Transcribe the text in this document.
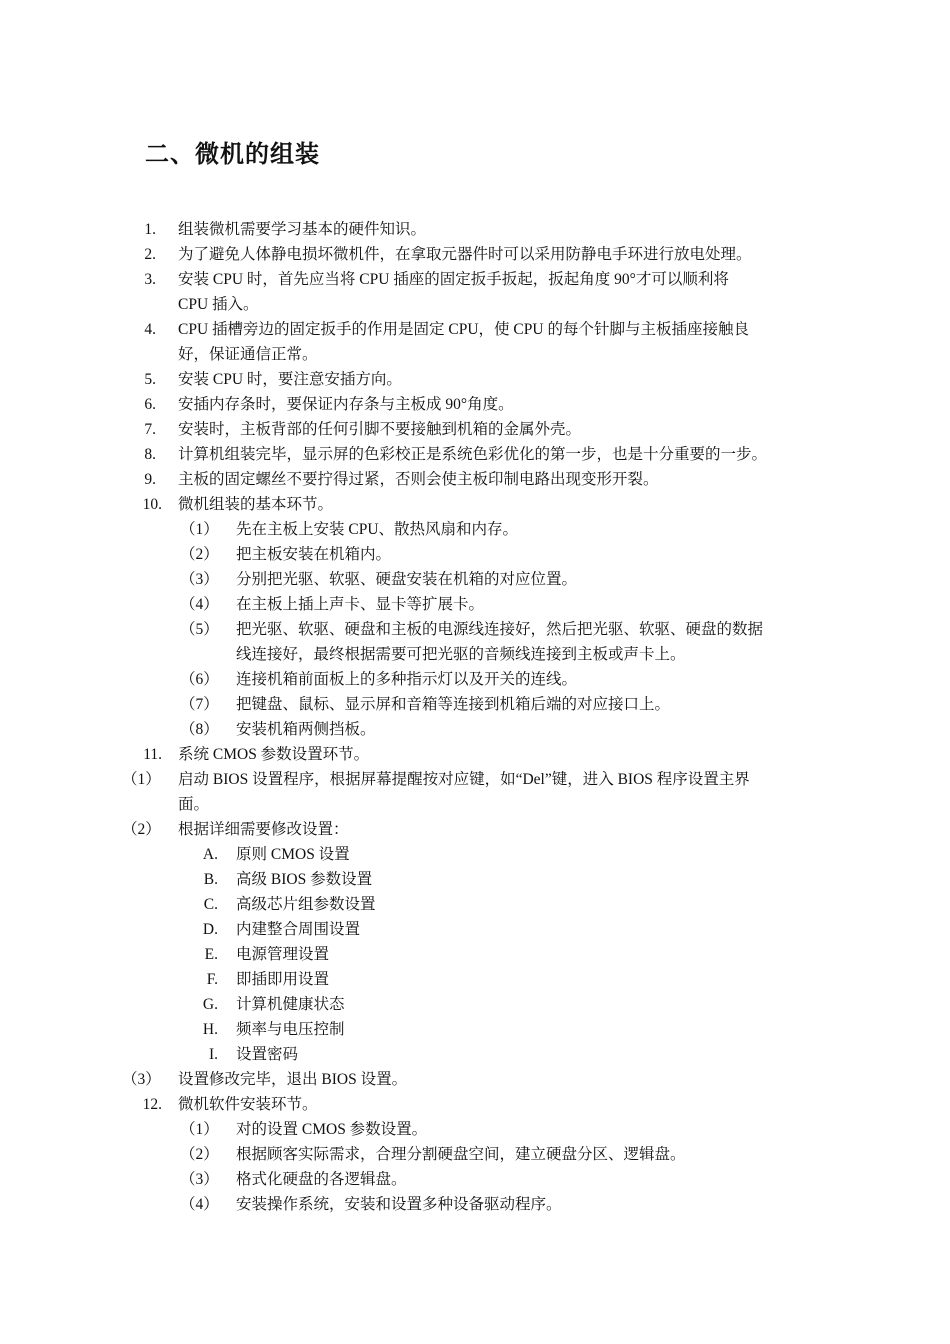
二、微机的组装
1. 组装微机需要学习基本的硬件知识。
2. 为了避免人体静电损坏微机件，在拿取元器件时可以采用防静电手环进行放电处理。
3. 安装 CPU 时，首先应当将 CPU 插座的固定扳手扳起，扳起角度 90°才可以顺利将
CPU 插入。
4. CPU 插槽旁边的固定扳手的作用是固定 CPU，使 CPU 的每个针脚与主板插座接触良
好，保证通信正常。
5. 安装 CPU 时，要注意安插方向。
6. 安插内存条时，要保证内存条与主板成 90°角度。
7. 安装时，主板背部的任何引脚不要接触到机箱的金属外壳。
8. 计算机组装完毕，显示屏的色彩校正是系统色彩优化的第一步，也是十分重要的一步。
9. 主板的固定螺丝不要拧得过紧，否则会使主板印制电路出现变形开裂。
10. 微机组装的基本环节。
（1） 先在主板上安装 CPU、散热风扇和内存。
（2） 把主板安装在机箱内。
（3） 分别把光驱、软驱、硬盘安装在机箱的对应位置。
（4） 在主板上插上声卡、显卡等扩展卡。
（5） 把光驱、软驱、硬盘和主板的电源线连接好，然后把光驱、软驱、硬盘的数据
线连接好，最终根据需要可把光驱的音频线连接到主板或声卡上。
（6） 连接机箱前面板上的多种指示灯以及开关的连线。
（7） 把键盘、鼠标、显示屏和音箱等连接到机箱后端的对应接口上。
（8） 安装机箱两侧挡板。
11. 系统 CMOS 参数设置环节。
（1） 启动 BIOS 设置程序，根据屏幕提醒按对应键，如“Del”键，进入 BIOS 程序设置主界
面。
（2） 根据详细需要修改设置：
A. 原则 CMOS 设置
B. 高级 BIOS 参数设置
C. 高级芯片组参数设置
D. 内建整合周围设置
E. 电源管理设置
F. 即插即用设置
G. 计算机健康状态
H. 频率与电压控制
I. 设置密码
（3） 设置修改完毕，退出 BIOS 设置。
12. 微机软件安装环节。
（1） 对的设置 CMOS 参数设置。
（2） 根据顾客实际需求，合理分割硬盘空间，建立硬盘分区、逻辑盘。
（3） 格式化硬盘的各逻辑盘。
（4） 安装操作系统，安装和设置多种设备驱动程序。
